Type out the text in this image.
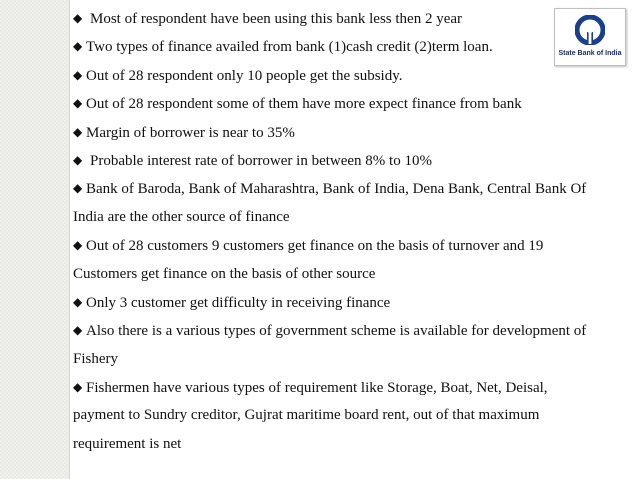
State Bank of India
◆ Most of respondent have been using this bank less then 2 year
◆ Two types of finance availed from bank (1)cash credit (2)term loan.
◆ Out of 28 respondent only 10 people get the subsidy.
◆ Out of 28 respondent some of them have more expect finance from bank
◆ Margin of borrower is near to 35%
◆ Probable interest rate of borrower in between 8% to 10%
◆ Bank of Baroda, Bank of Maharashtra, Bank of India, Dena Bank, Central Bank Of
India are the other source of finance
◆ Out of 28 customers 9 customers get finance on the basis of turnover and 19
Customers get finance on the basis of other source
◆ Only 3 customer get difficulty in receiving finance
◆ Also there is a various types of government scheme is available for development of
Fishery
◆ Fishermen have various types of requirement like Storage, Boat, Net, Deisal,
payment to Sundry creditor, Gujrat maritime board rent, out of that maximum
requirement is net
